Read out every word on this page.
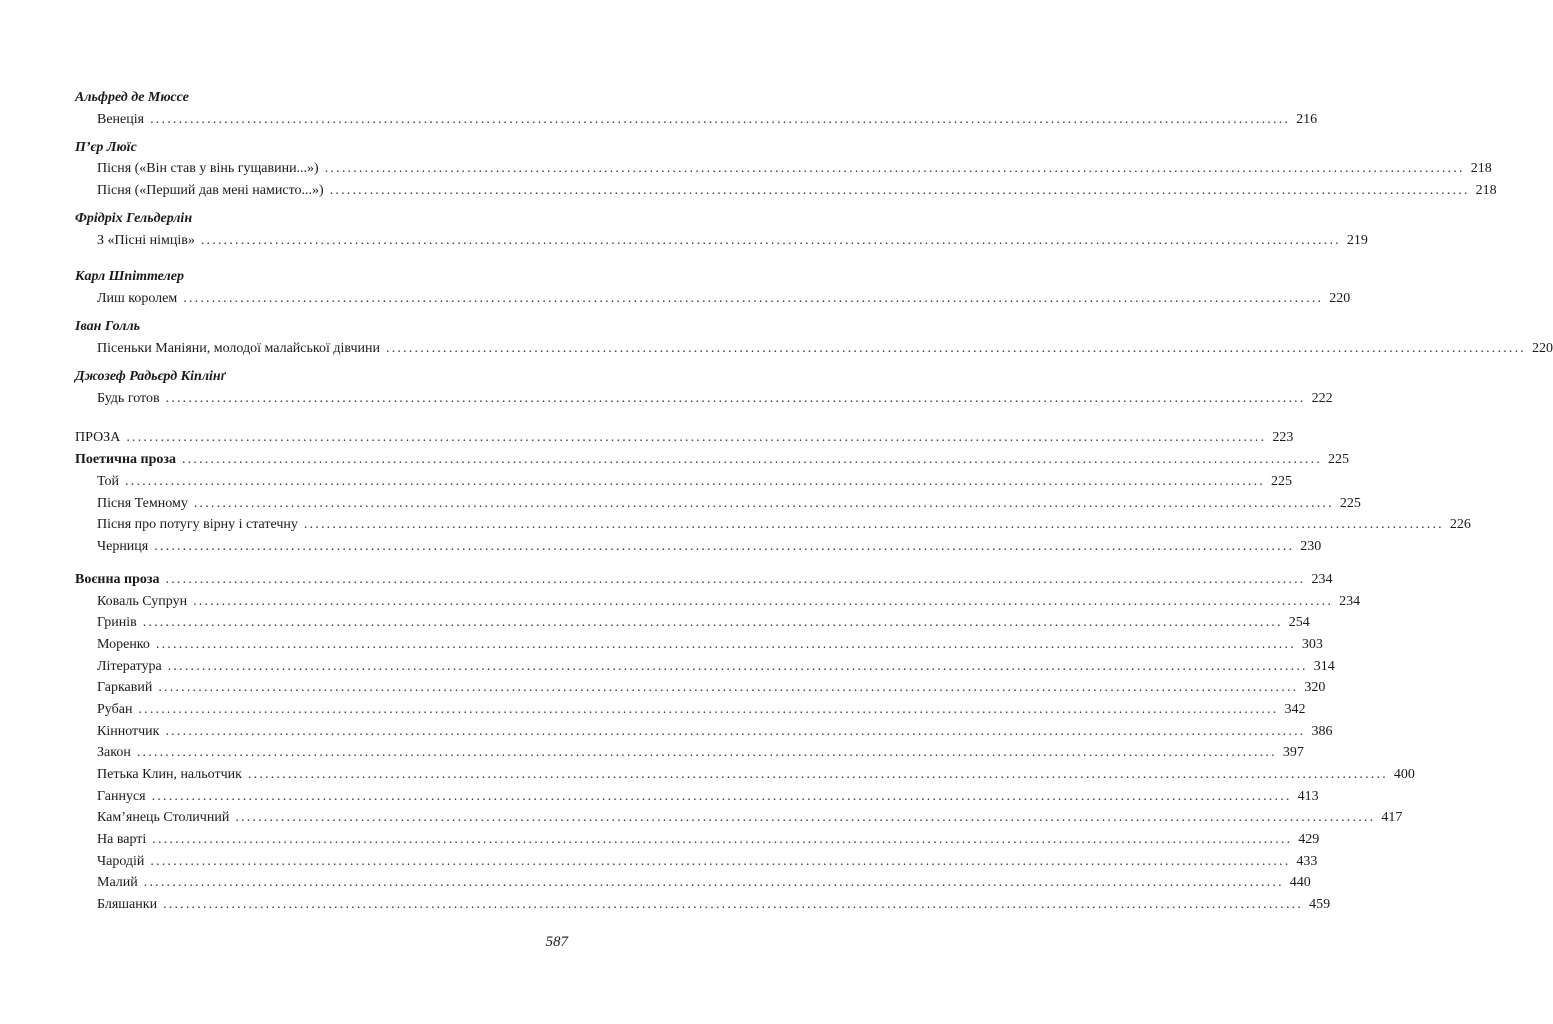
Альфред де Мюссе
Венеція ........................................................................................................................................................................................................ 216
П’єр Люїс
Пісня («Він став у вінь гущавини...») ........................................................................................................................................................................................................ 218
Пісня («Перший дав мені намисто...») ........................................................................................................................................................................................................ 218
Фрідріх Гельдерлін
З «Пісні німців» ........................................................................................................................................................................................................ 219
Карл Шпіттелер
Лиш королем ........................................................................................................................................................................................................ 220
Іван Голль
Пісеньки Маніяни, молодої малайської дівчини ........................................................................................................................................................................................................ 220
Джозеф Радьєрд Кіплінґ
Будь готов ........................................................................................................................................................................................................ 222
ПРОЗА ........................................................................................................................................................................................................ 223
Поетична проза ........................................................................................................................................................................................................ 225
Той ........................................................................................................................................................................................................ 225
Пісня Темному ........................................................................................................................................................................................................ 225
Пісня про потугу вірну і статечну ........................................................................................................................................................................................................ 226
Черниця ........................................................................................................................................................................................................ 230
Воєнна проза ........................................................................................................................................................................................................ 234
Коваль Супрун ........................................................................................................................................................................................................ 234
Гринів ........................................................................................................................................................................................................ 254
Моренко ........................................................................................................................................................................................................ 303
Література ........................................................................................................................................................................................................ 314
Гаркавий ........................................................................................................................................................................................................ 320
Рубан ........................................................................................................................................................................................................ 342
Кіннотчик ........................................................................................................................................................................................................ 386
Закон ........................................................................................................................................................................................................ 397
Петька Клин, нальотчик ........................................................................................................................................................................................................ 400
Ганнуся ........................................................................................................................................................................................................ 413
Кам’янець Столичний ........................................................................................................................................................................................................ 417
На варті ........................................................................................................................................................................................................ 429
Чародій ........................................................................................................................................................................................................ 433
Малий ........................................................................................................................................................................................................ 440
Бляшанки ........................................................................................................................................................................................................ 459
587
